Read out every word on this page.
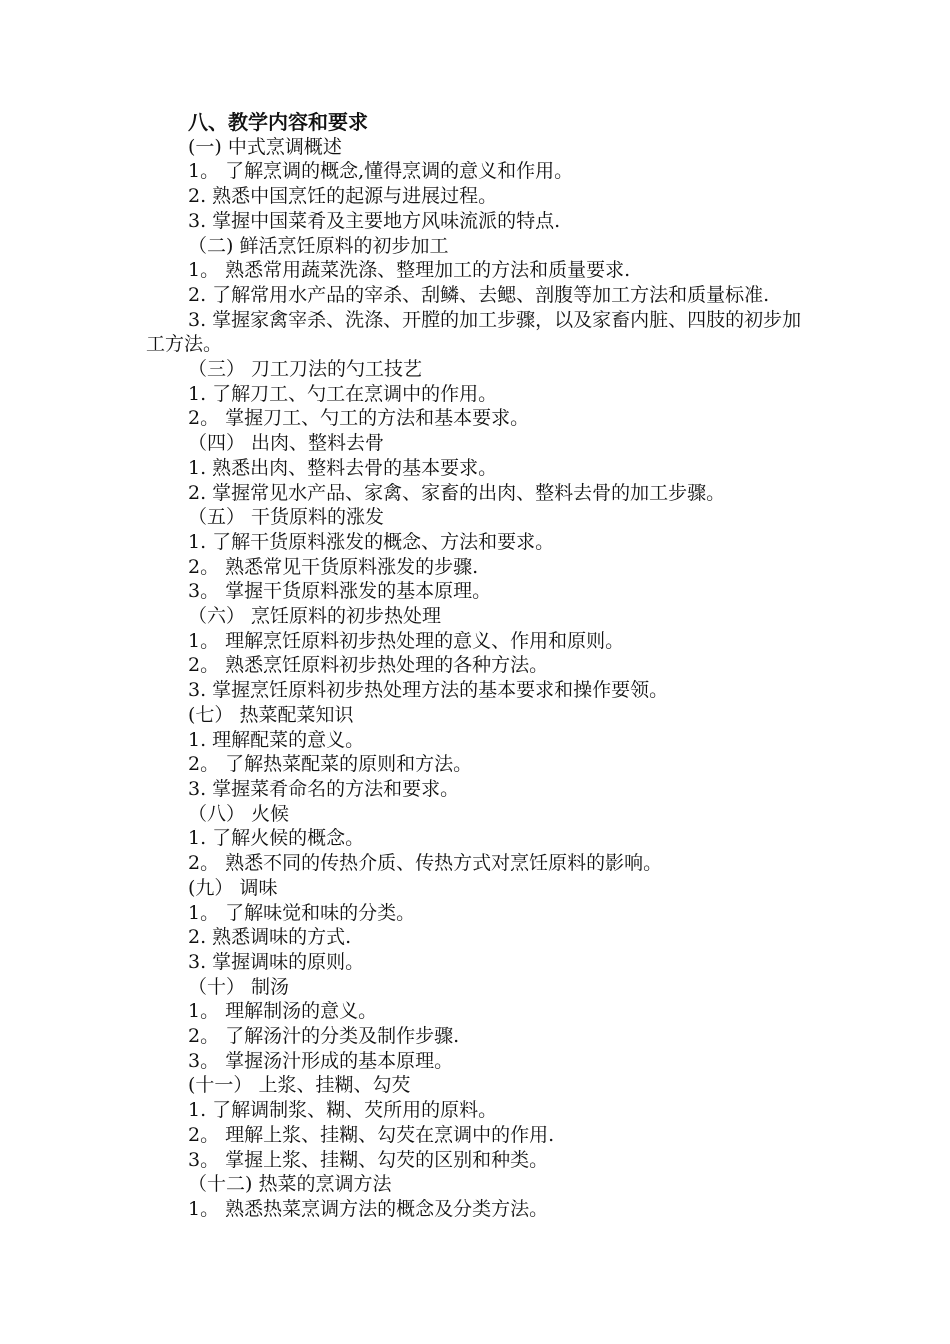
八、教学内容和要求

(一) 中式烹调概述

1。 了解烹调的概念,懂得烹调的意义和作用。

2. 熟悉中国烹饪的起源与进展过程。

3. 掌握中国菜肴及主要地方风味流派的特点.

（二) 鲜活烹饪原料的初步加工

1。 熟悉常用蔬菜洗涤、整理加工的方法和质量要求.

2. 了解常用水产品的宰杀、刮鳞、去鳃、剖腹等加工方法和质量标准.

3. 掌握家禽宰杀、洗涤、开膛的加工步骤，以及家畜内脏、四肢的初步加工方法。

（三） 刀工刀法的勺工技艺

1. 了解刀工、勺工在烹调中的作用。

2。 掌握刀工、勺工的方法和基本要求。

（四） 出肉、整料去骨

1. 熟悉出肉、整料去骨的基本要求。

2. 掌握常见水产品、家禽、家畜的出肉、整料去骨的加工步骤。

（五） 干货原料的涨发

1. 了解干货原料涨发的概念、方法和要求。

2。 熟悉常见干货原料涨发的步骤.

3。 掌握干货原料涨发的基本原理。

（六） 烹饪原料的初步热处理

1。 理解烹饪原料初步热处理的意义、作用和原则。

2。 熟悉烹饪原料初步热处理的各种方法。

3. 掌握烹饪原料初步热处理方法的基本要求和操作要领。

(七） 热菜配菜知识

1. 理解配菜的意义。

2。 了解热菜配菜的原则和方法。

3. 掌握菜肴命名的方法和要求。

（八） 火候

1. 了解火候的概念。

2。 熟悉不同的传热介质、传热方式对烹饪原料的影响。

(九） 调味

1。 了解味觉和味的分类。

2. 熟悉调味的方式.

3. 掌握调味的原则。

（十） 制汤

1。 理解制汤的意义。

2。 了解汤汁的分类及制作步骤.

3。 掌握汤汁形成的基本原理。

(十一） 上浆、挂糊、勾芡

1. 了解调制浆、糊、芡所用的原料。

2。 理解上浆、挂糊、勾芡在烹调中的作用.

3。 掌握上浆、挂糊、勾芡的区别和种类。

（十二) 热菜的烹调方法

1。 熟悉热菜烹调方法的概念及分类方法。
